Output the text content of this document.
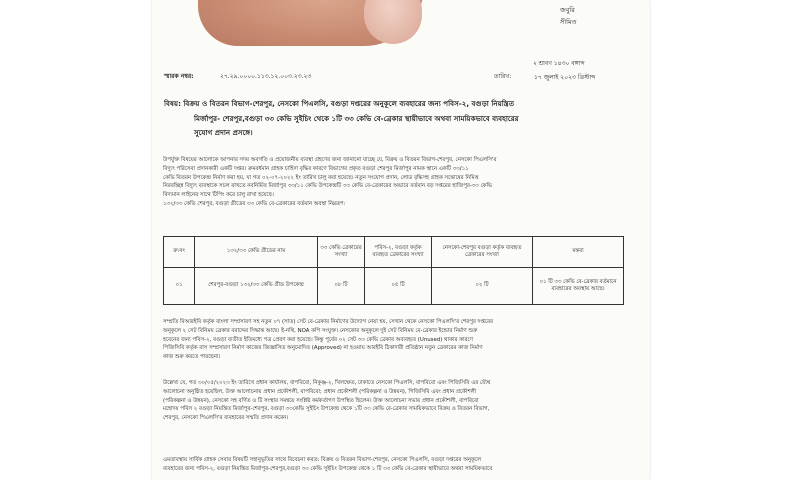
জবুরি
সীমিত
২ শ্রাবণ ১৪৩০ বঙ্গাব্দ
তারিখ:	১৭ জুলাই ২০২৩ খ্রিস্টাব্দ
স্মারক নম্বর:	২৭.২৯.০০০০.১১৩.১২.০০৩.২৩.২৩
বিষয়: বিক্রয় ও বিতরন বিভাগ-শেরপুর, নেসকো পিএলসি, বগুড়া দপ্তরের অনুকূলে ব্যবহারের জন্য পবিস-২, বগুড়া নিয়ন্ত্রিত
মির্জাপুর- শেরপুর,বগুড়া ৩৩ কেভি সুইচিং থেকে ১টি ৩৩ কেভি বে-ব্রেকার স্থায়ীভাবে অথবা সাময়িকভাবে ব্যবহারের
সুযোগ প্রদান প্রসঙ্গে।
উপর্যুক্ত বিষয়ের আলোকে আপনার সদয় অবগতি ও প্রয়োজনীয় ব্যবস্থা গ্রহণের জন্য জানানো যাচ্ছে যে, বিক্রয় ও বিতরন বিভাগ-শেরপুর, নেসকো পিএলসি'র
বিদ্যুৎ পরিসেবা প্রদানকারী একটি দপ্তর। ক্রমবর্ধমান গ্রাহক চাহিদা বৃদ্ধির কারণে বিভাগের প্রকৃত বগুড়া শেরপুর মির্জাপুর নামক স্থানে একটি ৩৩/১১
কেভি বিতরন উপকেন্দ্র নির্মাণ করা হয়, যা গত ০২-০৭-২০২২ ইং তারিখ চালু করা হয়েছে। নতুন সংযোগ প্রদান, লোড বৃদ্ধিসহ গ্রাহক সন্তোষের নিমিত্ত
নিরবচ্ছিন্ন বিদ্যুৎ ব্যবস্থাকে সচল রাখতে নবনির্মিত মির্জাপুর ৩৩/১১ কেভি উপকেন্দ্রটি ৩৩ কেভি বে-ব্রেকারের অভাবে বর্তমান বড় দপ্তরের হাজিপুর-৩৩ কেভি
বিদ্যমান লাইনের সাথে টিপিং করে চালু রাখা হয়েছে।
১৩২/৩৩ কেভি শেরপুর, বগুড়া গ্রীডের ৩৩ কেভি বে-ব্রেকারের বর্তমান অবস্থা নিম্নরূপ:
ক্র:নং	১৩২/৩৩ কেভি গ্রীডের নাম	৩৩ কেভি ব্রেকারের সংখ্যা	পবিস-২, বগুড়া কর্তৃক ব্যবহৃত ব্রেকারের সংখ্যা	নেসকো-শেরপুর বগুড়া কর্তৃক ব্যবহৃত ব্রেকারের সংখ্যা	মন্তব্য
০১	শেরপুর-বগুড়া ১৩২/৩৩ কেভি গ্রীড উপকেন্দ্র	০৮ টি	০৫ টি	০২ টি	০১ টি ৩৩ কেভি বে-ব্রেকার বর্তমানে ব্যবহারের অবস্থায় আছে।
সম্প্রতি বিআরইবি কর্তৃক বাংলা সম্প্রসারণ সহ নতুন ০৭ (সাত) সেট বে-ব্রেকার নির্মাণের উদ্যোগ নেয়া হয়, সেখান থেকে নেসকো পিএলসি'র শেরপুর দপ্তরের
অনুকূলে ২ সেট বিনিময় ব্রেকার বরাদ্দের সিদ্ধান্ত আছে। ই-নথি, NOA কপি সংযুক্ত। নেসকোর অনুকূলে দুই সেট বিনিময় বে-ব্রেকার ইন্ডোর নির্মাণ শুরু
হবেনের জন্য পবিস-২, বগুড়া ব্যতীত ইতিমধ্যে পত্র প্রেরণ করা হয়েছে। কিন্তু পূর্বের ০২ সেট ৩৩ কেভি ব্রেকার অব্যবহৃত (Unused) থাকার কারণে
পিজিসিবি কর্তৃক বাস সম্প্রসারণ নির্মাণ কাজের জিজ্ঞাসিত অনুমোদিত (Approved) না হওয়ায় আরইবি ঠিকাদারী প্রতিষ্ঠান নতুন ব্রেকারের কাজ নির্মাণ
কাজ শুরু করতে পারছেনা।
উল্লেখ্য যে, গত ৩০/০৫/২০২৩ ইং তারিখে প্রধান কার্যালয়, বাপবিবো, নিকুঞ্জ-২, খিলক্ষেত, ঢাকাতে নেসকো পিএলসি, বাপবিবো এবং পিজিসিবি এর যৌথ
আলোচনা অনুষ্ঠিত হয়েছিল, উক্ত আলোচনায় প্রধান প্রকৌশলী, বাপবিবো; প্রধান প্রকৌশলী (পরিকল্পনা ও উন্নয়ন), পিজিসিবি এবং প্রধান প্রকৌশলী
(পরিকল্পনা ও উন্নয়ন), নেসকো সহ বর্ণিত ও টি সংস্থার সমন্বয়ে সংশ্লিষ্ট কর্মকর্তাগণ উপস্থিত ছিলেন। উক্ত আলোচনা সভায় প্রধান প্রকৌশলী, বাপবিবো
মহোদয় পবিস ২ বগুড়া নিয়ন্ত্রিত মির্জাপুর-শেরপুর, বগুড়া ৩৩কেভি সুইচিং উপকেন্দ্র থেকে ১টি ৩৩ কেভি বে-ব্রেকার সাময়িকভাবে বিক্রয় ও বিতরন বিভাগ,
শেরপুর, নেসকো পিএলসি'র ব্যবহারের সম্মতি প্রদান করেন।
এমতাবস্থায় সার্বিক গ্রাহক সেবার বিষয়টি সহানুভূতির সাথে বিবেচনা করত: বিক্রয় ও বিতরন বিভাগ-শেরপুর, নেসকো পিএলসি, বগুড়া দপ্তরের অনুকূলে
ব্যবহারের জন্য পবিস-২, বগুড়া নিয়ন্ত্রিত মির্জাপুর-শেরপুর,বগুড়া ৩৩ কেভি সুইচিং উপকেন্দ্র থেকে ১ টি ৩৩ কেভি বে-ব্রেকার স্থায়ীভাবে অথবা সাময়িকভাবে
